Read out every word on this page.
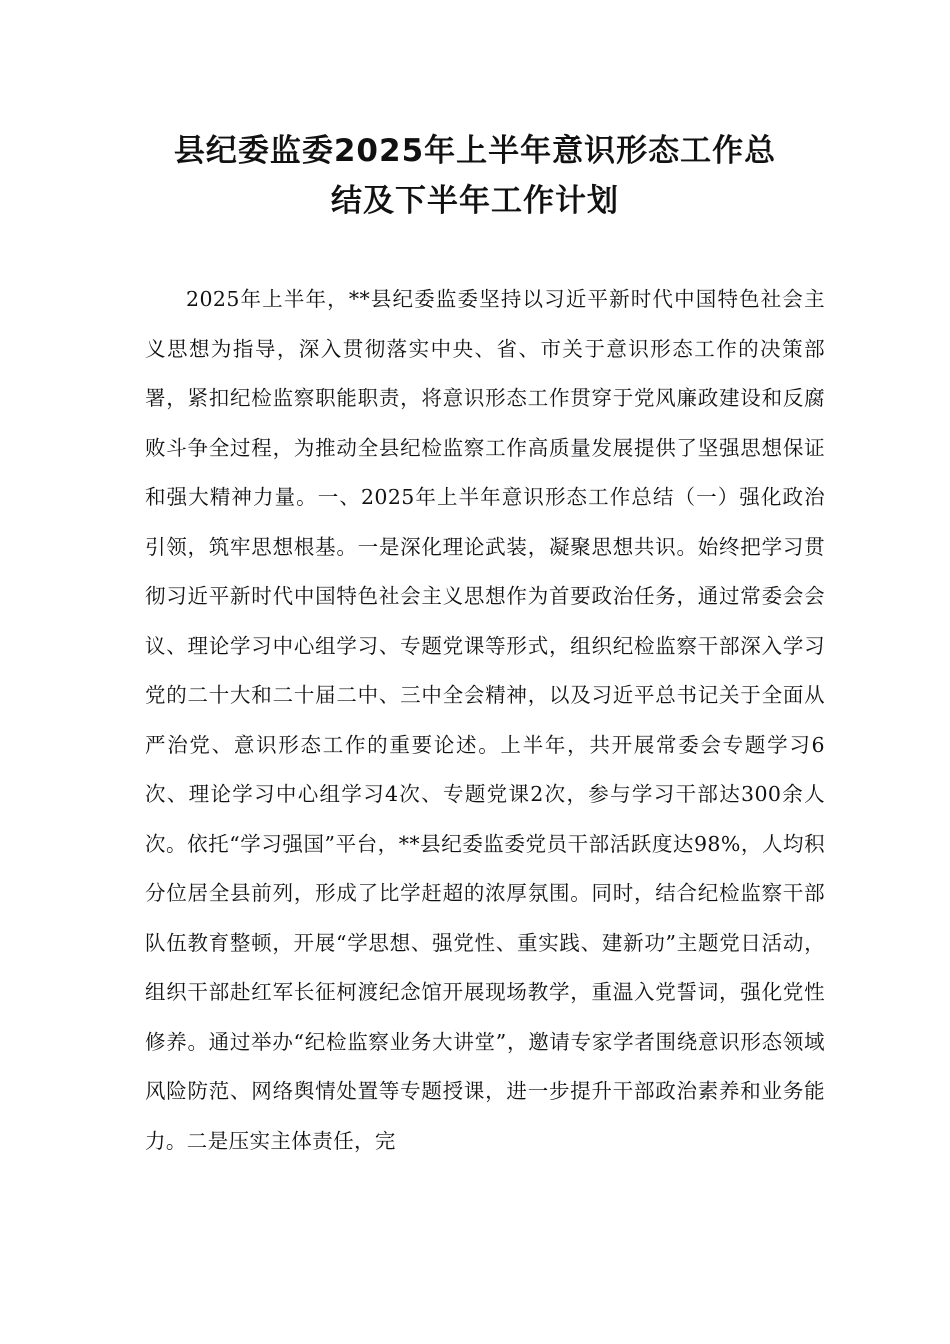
县纪委监委2025年上半年意识形态工作总
结及下半年工作计划

2025年上半年，**县纪委监委坚持以习近平新时代中国特色社会主义思想为指导，深入贯彻落实中央、省、市关于意识形态工作的决策部署，紧扣纪检监察职能职责，将意识形态工作贯穿于党风廉政建设和反腐败斗争全过程，为推动全县纪检监察工作高质量发展提供了坚强思想保证和强大精神力量。一、2025年上半年意识形态工作总结（一）强化政治引领，筑牢思想根基。一是深化理论武装，凝聚思想共识。始终把学习贯彻习近平新时代中国特色社会主义思想作为首要政治任务，通过常委会会议、理论学习中心组学习、专题党课等形式，组织纪检监察干部深入学习党的二十大和二十届二中、三中全会精神，以及习近平总书记关于全面从严治党、意识形态工作的重要论述。上半年，共开展常委会专题学习6次、理论学习中心组学习4次、专题党课2次，参与学习干部达300余人次。依托“学习强国”平台，**县纪委监委党员干部活跃度达98%，人均积分位居全县前列，形成了比学赶超的浓厚氛围。同时，结合纪检监察干部队伍教育整顿，开展“学思想、强党性、重实践、建新功”主题党日活动，组织干部赴红军长征柯渡纪念馆开展现场教学，重温入党誓词，强化党性修养。通过举办“纪检监察业务大讲堂”，邀请专家学者围绕意识形态领域风险防范、网络舆情处置等专题授课，进一步提升干部政治素养和业务能力。二是压实主体责任，完
